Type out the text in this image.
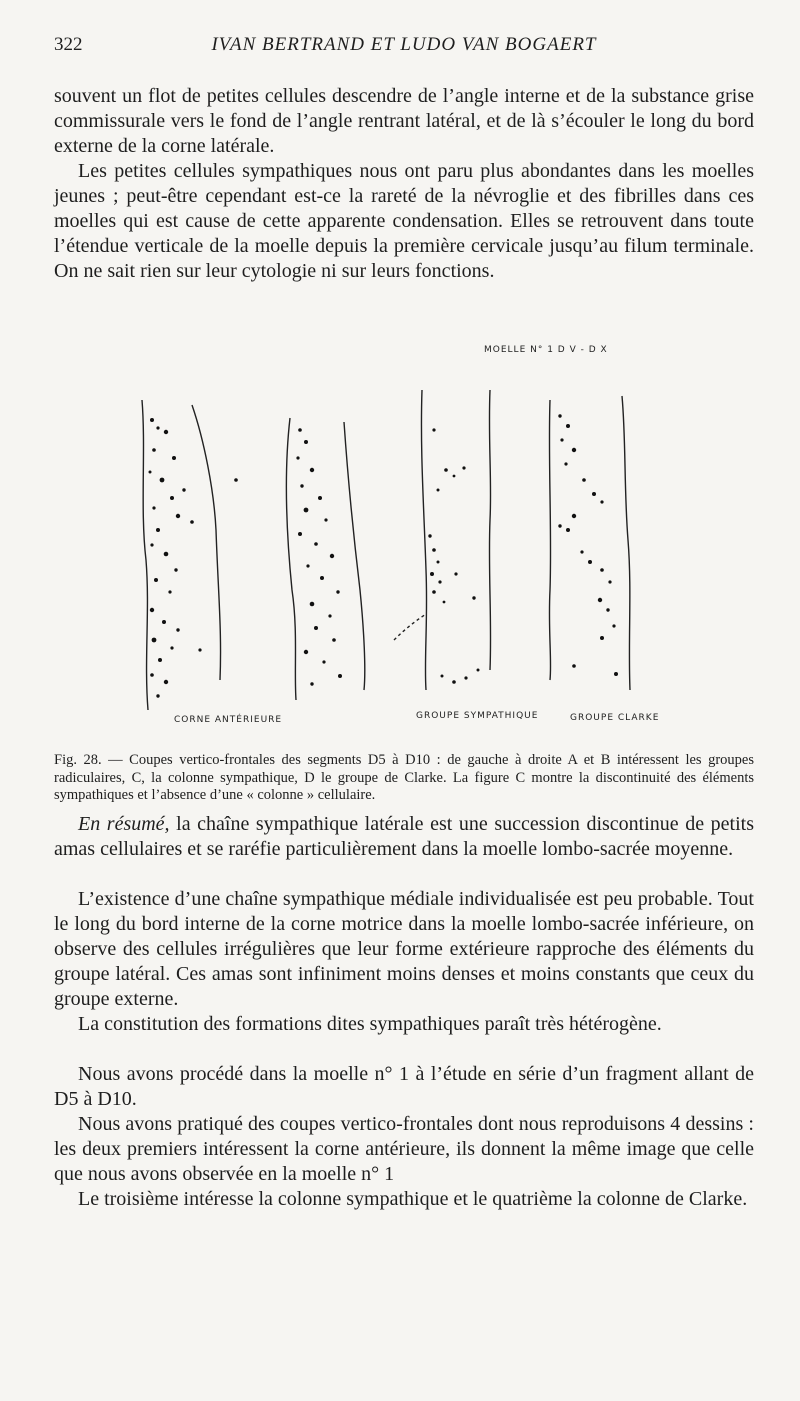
322	IVAN BERTRAND ET LUDO VAN BOGAERT

souvent un flot de petites cellules descendre de l’angle interne et de la substance grise commissurale vers le fond de l’angle rentrant latéral, et de là s’écouler le long du bord externe de la corne latérale.

Les petites cellules sympathiques nous ont paru plus abondantes dans les moelles jeunes ; peut-être cependant est-ce la rareté de la névroglie et des fibrilles dans ces moelles qui est cause de cette apparente condensation. Elles se retrouvent dans toute l’étendue verticale de la moelle depuis la première cervicale jusqu’au filum terminale. On ne sait rien sur leur cytologie ni sur leurs fonctions.

MOELLE N° 1 D V - D X
CORNE ANTÉRIEURE	GROUPE SYMPATHIQUE	GROUPE CLARKE

Fig. 28. — Coupes vertico-frontales des segments D5 à D10 : de gauche à droite A et B intéressent les groupes radiculaires, C, la colonne sympathique, D le groupe de Clarke. La figure C montre la discontinuité des éléments sympathiques et l’absence d’une « colonne » cellulaire.

En résumé, la chaîne sympathique latérale est une succession discontinue de petits amas cellulaires et se raréfie particulièrement dans la moelle lombo-sacrée moyenne.

L’existence d’une chaîne sympathique médiale individualisée est peu probable. Tout le long du bord interne de la corne motrice dans la moelle lombo-sacrée inférieure, on observe des cellules irrégulières que leur forme extérieure rapproche des éléments du groupe latéral. Ces amas sont infiniment moins denses et moins constants que ceux du groupe externe.

La constitution des formations dites sympathiques paraît très hétérogène.

Nous avons procédé dans la moelle n° 1 à l’étude en série d’un fragment allant de D5 à D10.

Nous avons pratiqué des coupes vertico-frontales dont nous reproduisons 4 dessins : les deux premiers intéressent la corne antérieure, ils donnent la même image que celle que nous avons observée en la moelle n° 1

Le troisième intéresse la colonne sympathique et le quatrième la colonne de Clarke.
